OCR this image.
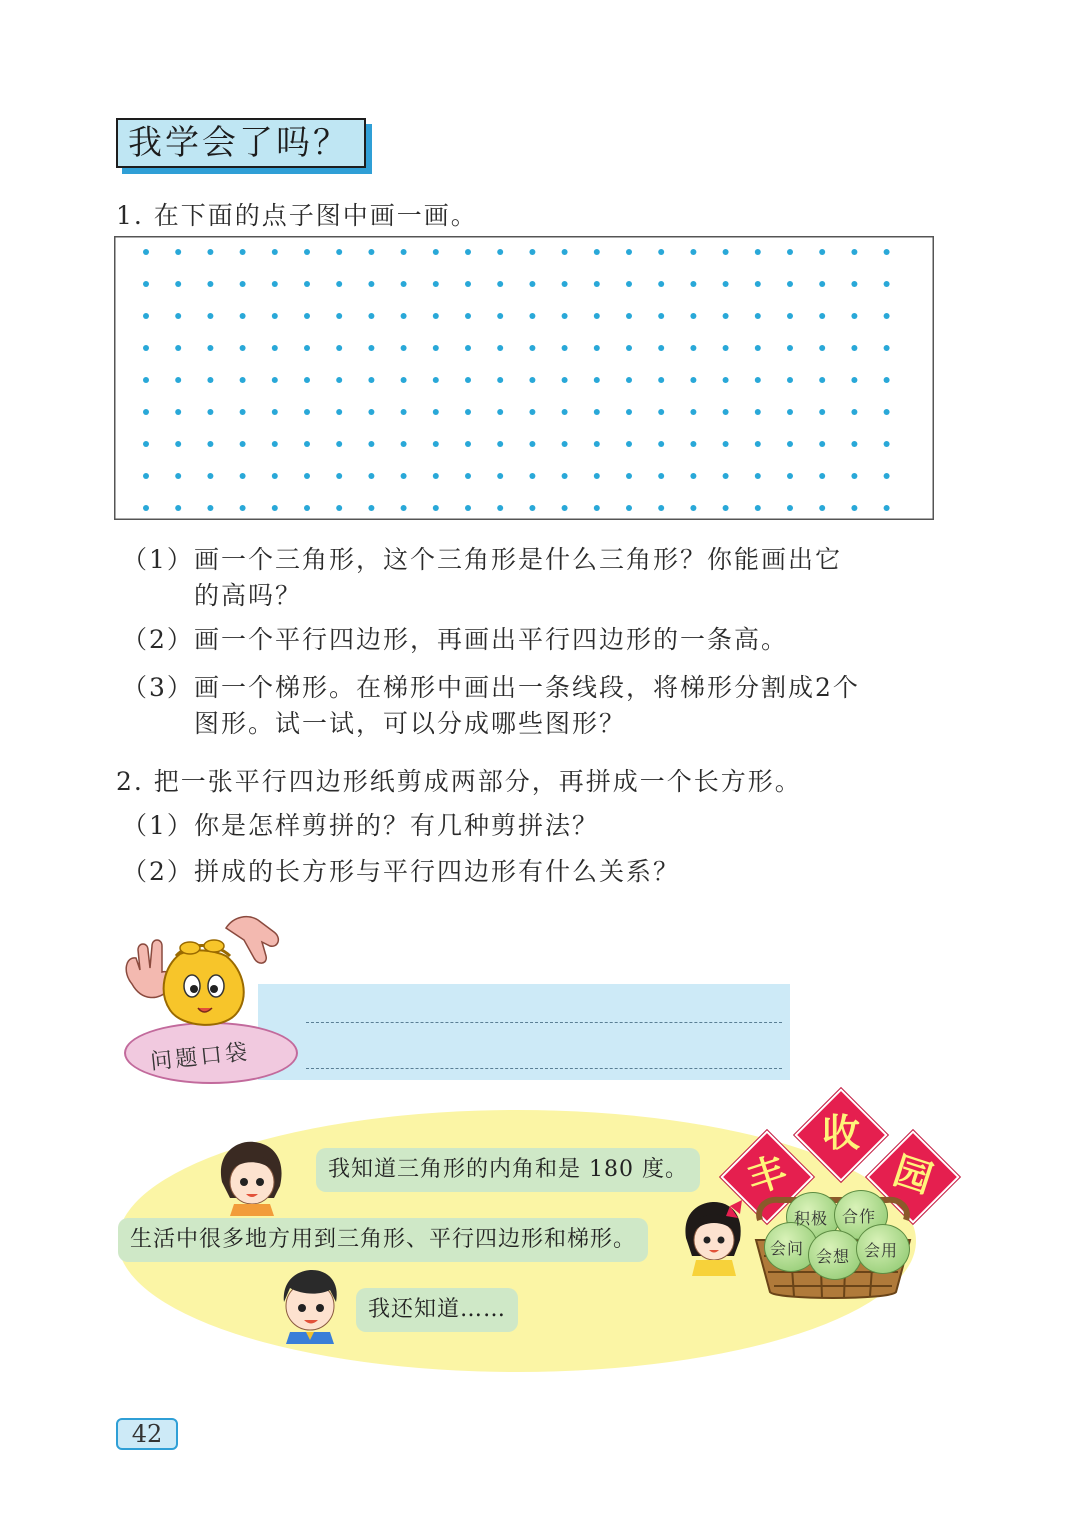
我学会了吗？
1. 在下面的点子图中画一画。
（1） 画一个三角形，这个三角形是什么三角形？你能画出它
的高吗？
（2） 画一个平行四边形，再画出平行四边形的一条高。
（3） 画一个梯形。在梯形中画出一条线段，将梯形分割成2个
图形。试一试，可以分成哪些图形？
2. 把一张平行四边形纸剪成两部分，再拼成一个长方形。
（1） 你是怎样剪拼的？有几种剪拼法？
（2） 拼成的长方形与平行四边形有什么关系？
问题口袋
我知道三角形的内角和是 180 度。
生活中很多地方用到三角形、平行四边形和梯形。
我还知道……
丰
收
园
积极 合作
会问 会想 会用
42
